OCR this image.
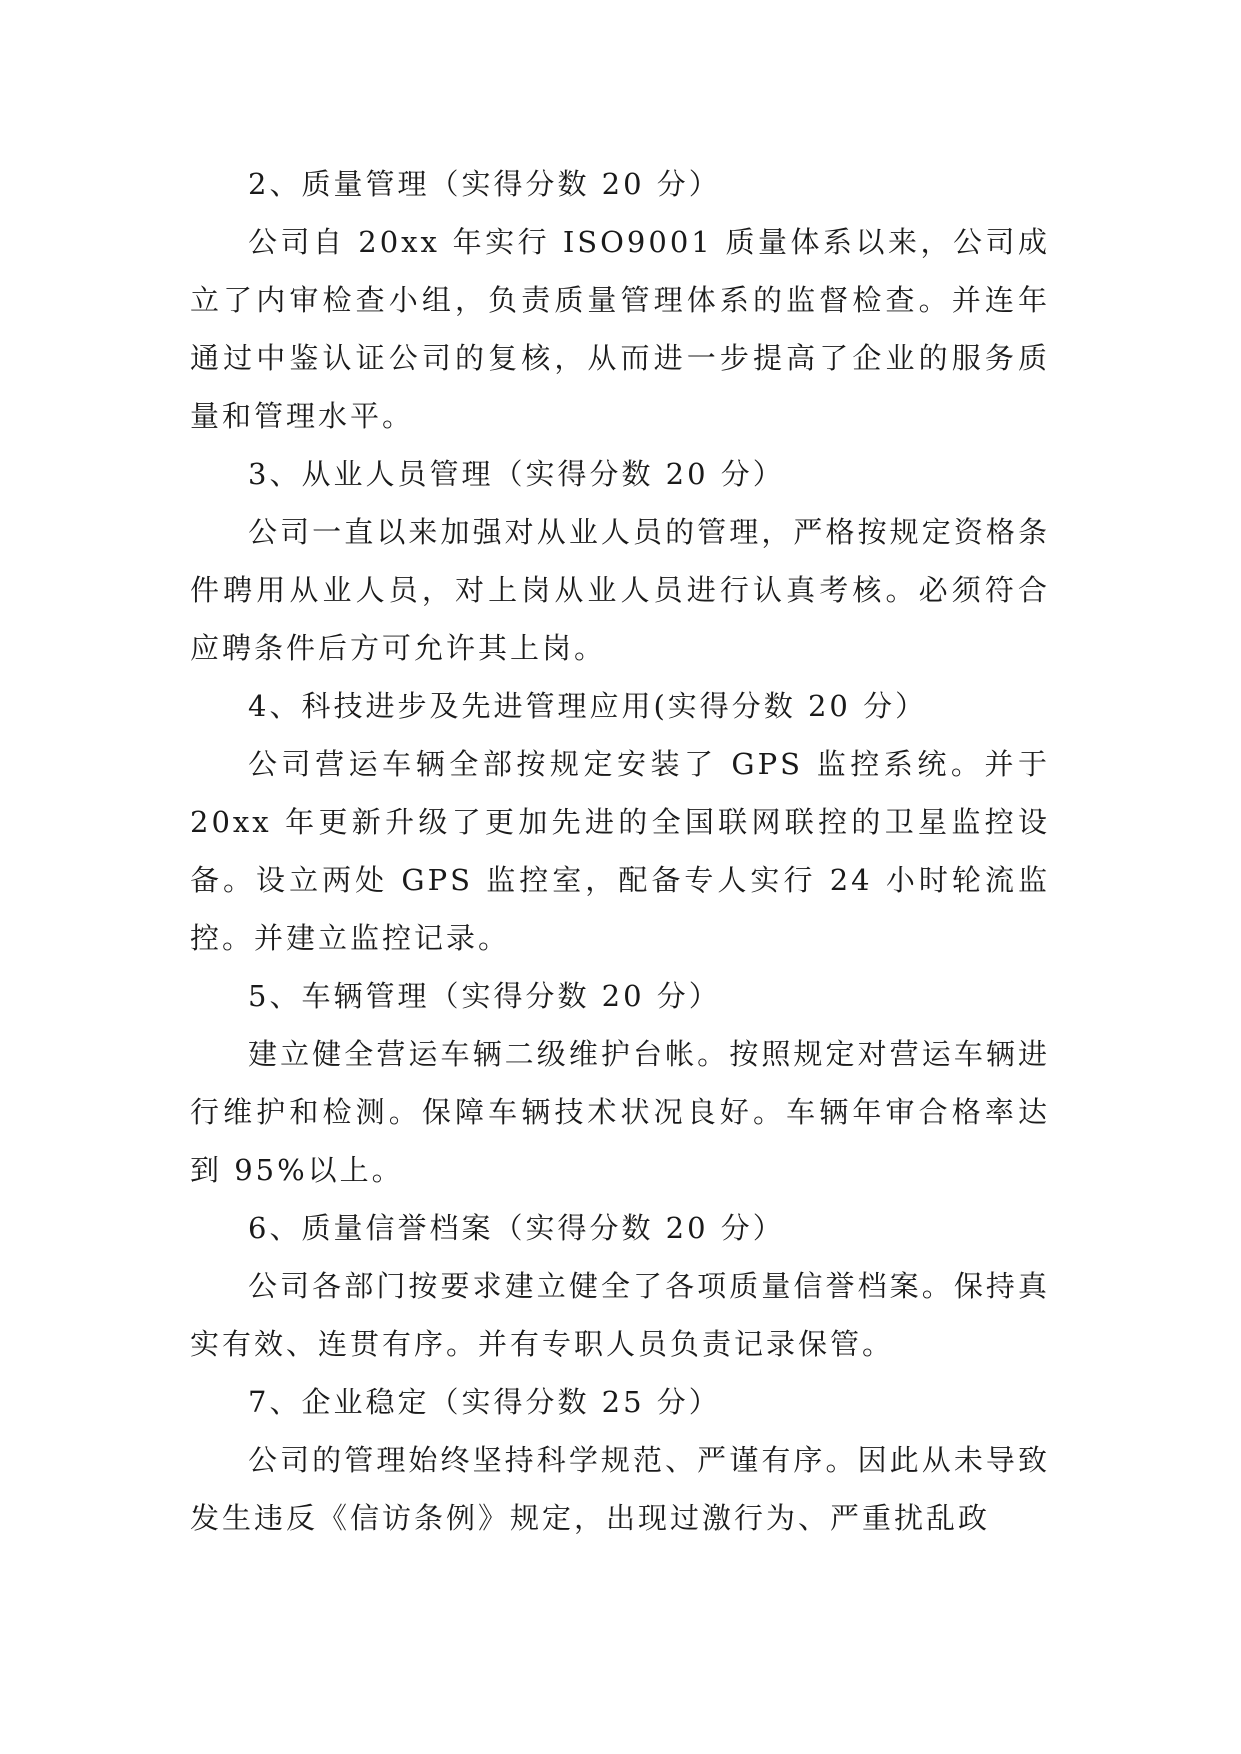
2、质量管理（实得分数 20 分）

公司自 20xx 年实行 ISO9001 质量体系以来，公司成立了内审检查小组，负责质量管理体系的监督检查。并连年通过中鉴认证公司的复核，从而进一步提高了企业的服务质量和管理水平。

3、从业人员管理（实得分数 20 分）

公司一直以来加强对从业人员的管理，严格按规定资格条件聘用从业人员，对上岗从业人员进行认真考核。必须符合应聘条件后方可允许其上岗。

4、科技进步及先进管理应用(实得分数 20 分）

公司营运车辆全部按规定安装了 GPS 监控系统。并于 20xx 年更新升级了更加先进的全国联网联控的卫星监控设备。设立两处 GPS 监控室，配备专人实行 24 小时轮流监控。并建立监控记录。

5、车辆管理（实得分数 20 分）

建立健全营运车辆二级维护台帐。按照规定对营运车辆进行维护和检测。保障车辆技术状况良好。车辆年审合格率达到 95%以上。

6、质量信誉档案（实得分数 20 分）

公司各部门按要求建立健全了各项质量信誉档案。保持真实有效、连贯有序。并有专职人员负责记录保管。

7、企业稳定（实得分数 25 分）

公司的管理始终坚持科学规范、严谨有序。因此从未导致发生违反《信访条例》规定，出现过激行为、严重扰乱政
